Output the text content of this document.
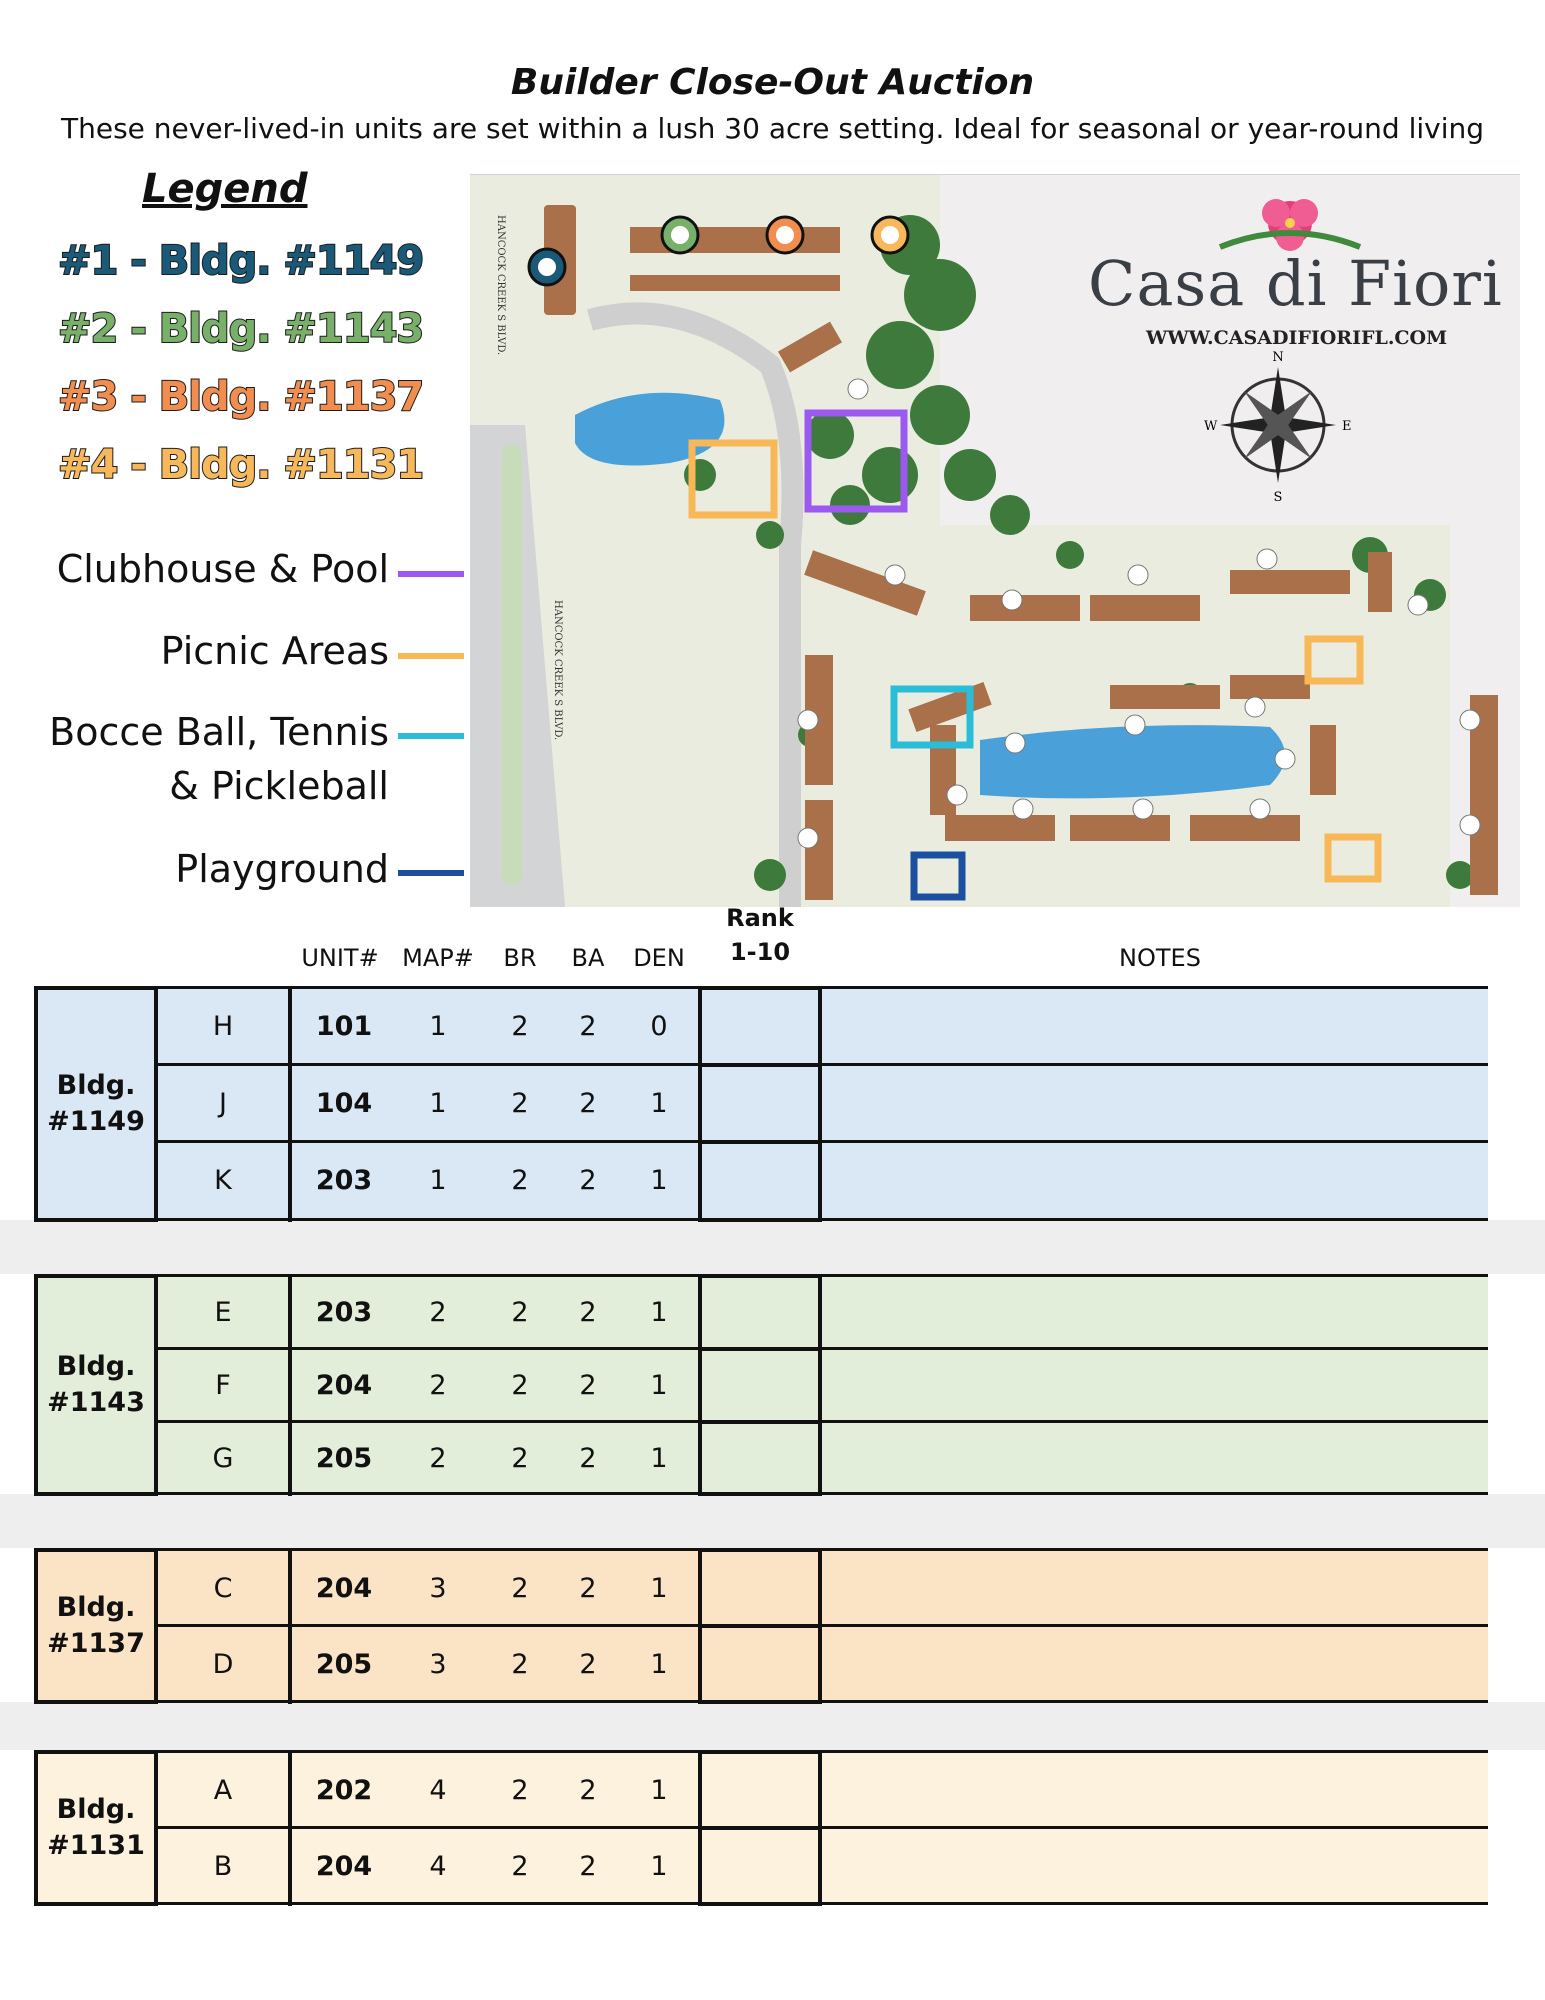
Builder Close-Out Auction
These never-lived-in units are set within a lush 30 acre setting. Ideal for seasonal or year-round living
Legend
#1 - Bldg. #1149
#2 - Bldg. #1143
#3 - Bldg. #1137
#4 - Bldg. #1131
Clubhouse & Pool
Picnic Areas
Bocce Ball, Tennis & Pickleball
Playground
HANCOCK CREEK S BLVD.
HANCOCK CREEK S BLVD.
N
S
E
W
Casa di Fiori
WWW.CASADIFIORIFL.COM
UNIT# MAP#	BR	BA	DEN
Rank
1-10	NOTES
Bldg.
#1149
H	101	1	2	2	0
J	104	1	2	2	1
K	203	1	2	2	1
Bldg.
#1143
E	203	2	2	2	1
F	204	2	2	2	1
G	205	2	2	2	1
Bldg.
#1137
C	204	3	2	2	1
D	205	3	2	2	1
Bldg.
#1131
A	202	4	2	2	1
B	204	4	2	2	1
